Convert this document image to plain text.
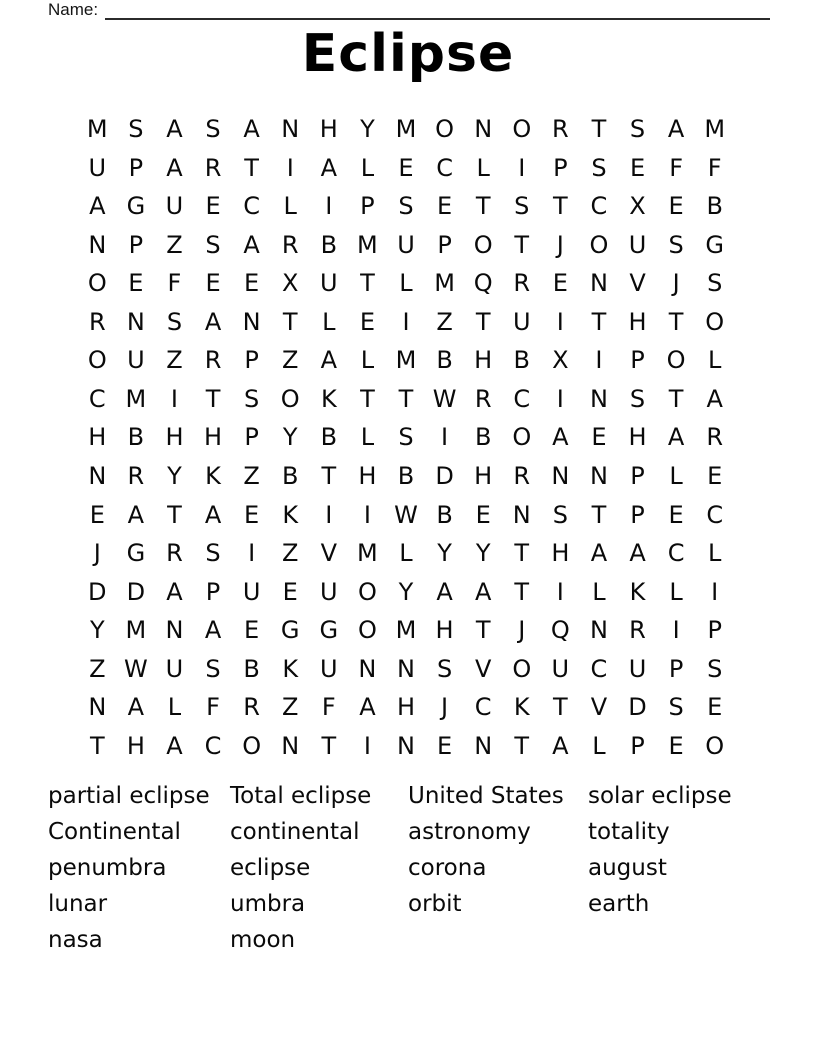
Name:
Eclipse
M S A S A N H Y M O N O R T S A M
U P A R T	I	A L	E C L	I	P S E	F	F
A G U E C L	I	P S E T S T C X E B
N P Z S A R B M U P O T	J	O U S G
O E	F	E E X U T	L M Q R E N V	J	S
R N S A N T	L	E	I	Z T U	I	T H T O
O U Z R P Z A L M B H B X	I	P O L
C M	I	T S O K T T W R C	I	N S T A
H B H H P	Y B L	S	I	B O A E H A R
N R Y K Z B T H B D H R N N P	L	E
E A T A E K	I	I W B E N S T	P E C
J	G R S	I	Z V M L	Y Y T H A A C L
D D A P U E U O Y A A T	I	L	K	L	I
Y M N A E G G O M H T	J	Q N R	I	P
Z W U S B K U N N S V O U C U P S
N A L	F R Z F A H	J	C K T V D S E
T H A C O N T	I	N E N T A L	P E O
partial eclipse
Continental
penumbra
lunar
nasa
Total eclipse
continental
eclipse
umbra
moon
United States
astronomy
corona
orbit
solar eclipse
totality
august
earth
